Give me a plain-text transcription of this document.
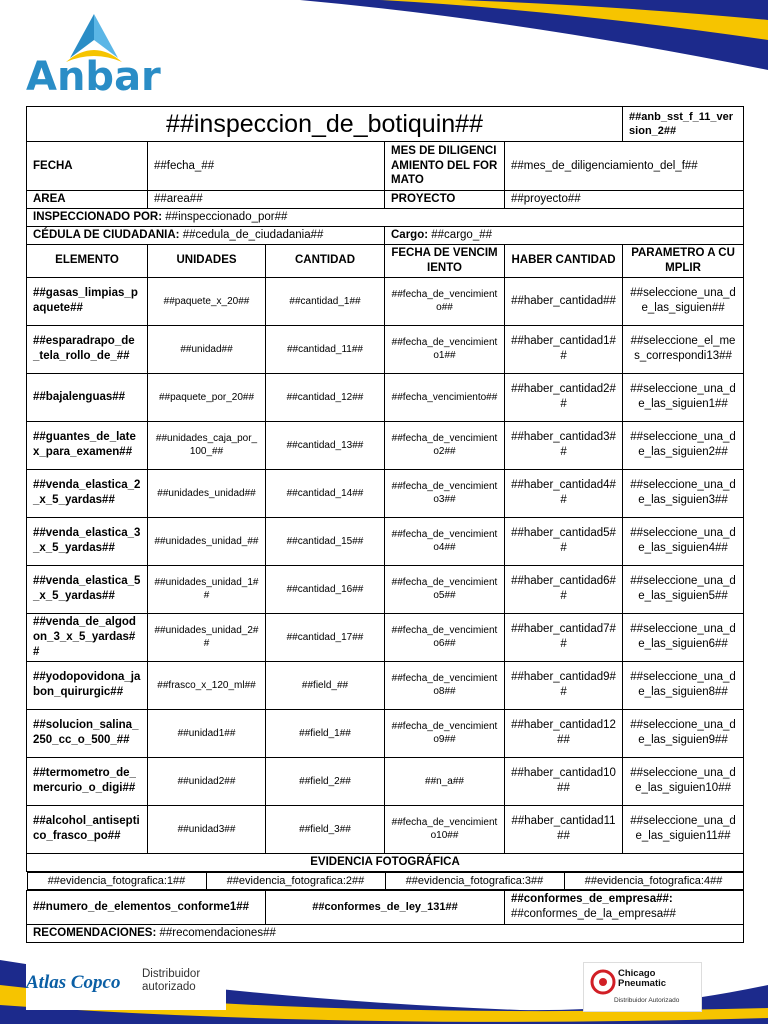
Anbar
##inspeccion_de_botiquin##	##anb_sst_f_11_version_2##
FECHA	##fecha_##	MES DE DILIGENCIAMIENTO DEL FORMATO	##mes_de_diligenciamiento_del_f##
AREA	##area##	PROYECTO	##proyecto##
INSPECCIONADO POR: ##inspeccionado_por##
CÉDULA DE CIUDADANIA: ##cedula_de_ciudadania##	Cargo: ##cargo_##
ELEMENTO	UNIDADES	CANTIDAD	FECHA DE VENCIMIENTO	HABER CANTIDAD	PARAMETRO A CUMPLIR
##gasas_limpias_paquete##	##paquete_x_20##	##cantidad_1##	##fecha_de_vencimiento##	##haber_cantidad##	##seleccione_una_de_las_siguien##
##esparadrapo_de_tela_rollo_de_##	##unidad##	##cantidad_11##	##fecha_de_vencimiento1##	##haber_cantidad1##	##seleccione_el_mes_correspondi13##
##bajalenguas##	##paquete_por_20##	##cantidad_12##	##fecha_vencimiento##	##haber_cantidad2##	##seleccione_una_de_las_siguien1##
##guantes_de_latex_para_examen##	##unidades_caja_por_100_##	##cantidad_13##	##fecha_de_vencimiento2##	##haber_cantidad3##	##seleccione_una_de_las_siguien2##
##venda_elastica_2_x_5_yardas##	##unidades_unidad##	##cantidad_14##	##fecha_de_vencimiento3##	##haber_cantidad4##	##seleccione_una_de_las_siguien3##
##venda_elastica_3_x_5_yardas##	##unidades_unidad_##	##cantidad_15##	##fecha_de_vencimiento4##	##haber_cantidad5##	##seleccione_una_de_las_siguien4##
##venda_elastica_5_x_5_yardas##	##unidades_unidad_1##	##cantidad_16##	##fecha_de_vencimiento5##	##haber_cantidad6##	##seleccione_una_de_las_siguien5##
##venda_de_algodon_3_x_5_yardas##	##unidades_unidad_2##	##cantidad_17##	##fecha_de_vencimiento6##	##haber_cantidad7##	##seleccione_una_de_las_siguien6##
##yodopovidona_jabon_quirurgic##	##frasco_x_120_ml##	##field_##	##fecha_de_vencimiento8##	##haber_cantidad9##	##seleccione_una_de_las_siguien8##
##solucion_salina_250_cc_o_500_##	##unidad1##	##field_1##	##fecha_de_vencimiento9##	##haber_cantidad12##	##seleccione_una_de_las_siguien9##
##termometro_de_mercurio_o_digi##	##unidad2##	##field_2##	##n_a##	##haber_cantidad10##	##seleccione_una_de_las_siguien10##
##alcohol_antiseptico_frasco_po##	##unidad3##	##field_3##	##fecha_de_vencimiento10##	##haber_cantidad11##	##seleccione_una_de_las_siguien11##
EVIDENCIA FOTOGRÁFICA

##evidencia_fotografica:1##	##evidencia_fotografica:2##	##evidencia_fotografica:3##	##evidencia_fotografica:4##

##numero_de_elementos_conforme1##	##conformes_de_ley_131##	
##conformes_de_empresa##:
##conformes_de_la_empresa##

RECOMENDACIONES: ##recomendaciones##
Atlas Copco Distribuidor autorizado
Chicago Pneumatic
Distribuidor Autorizado
